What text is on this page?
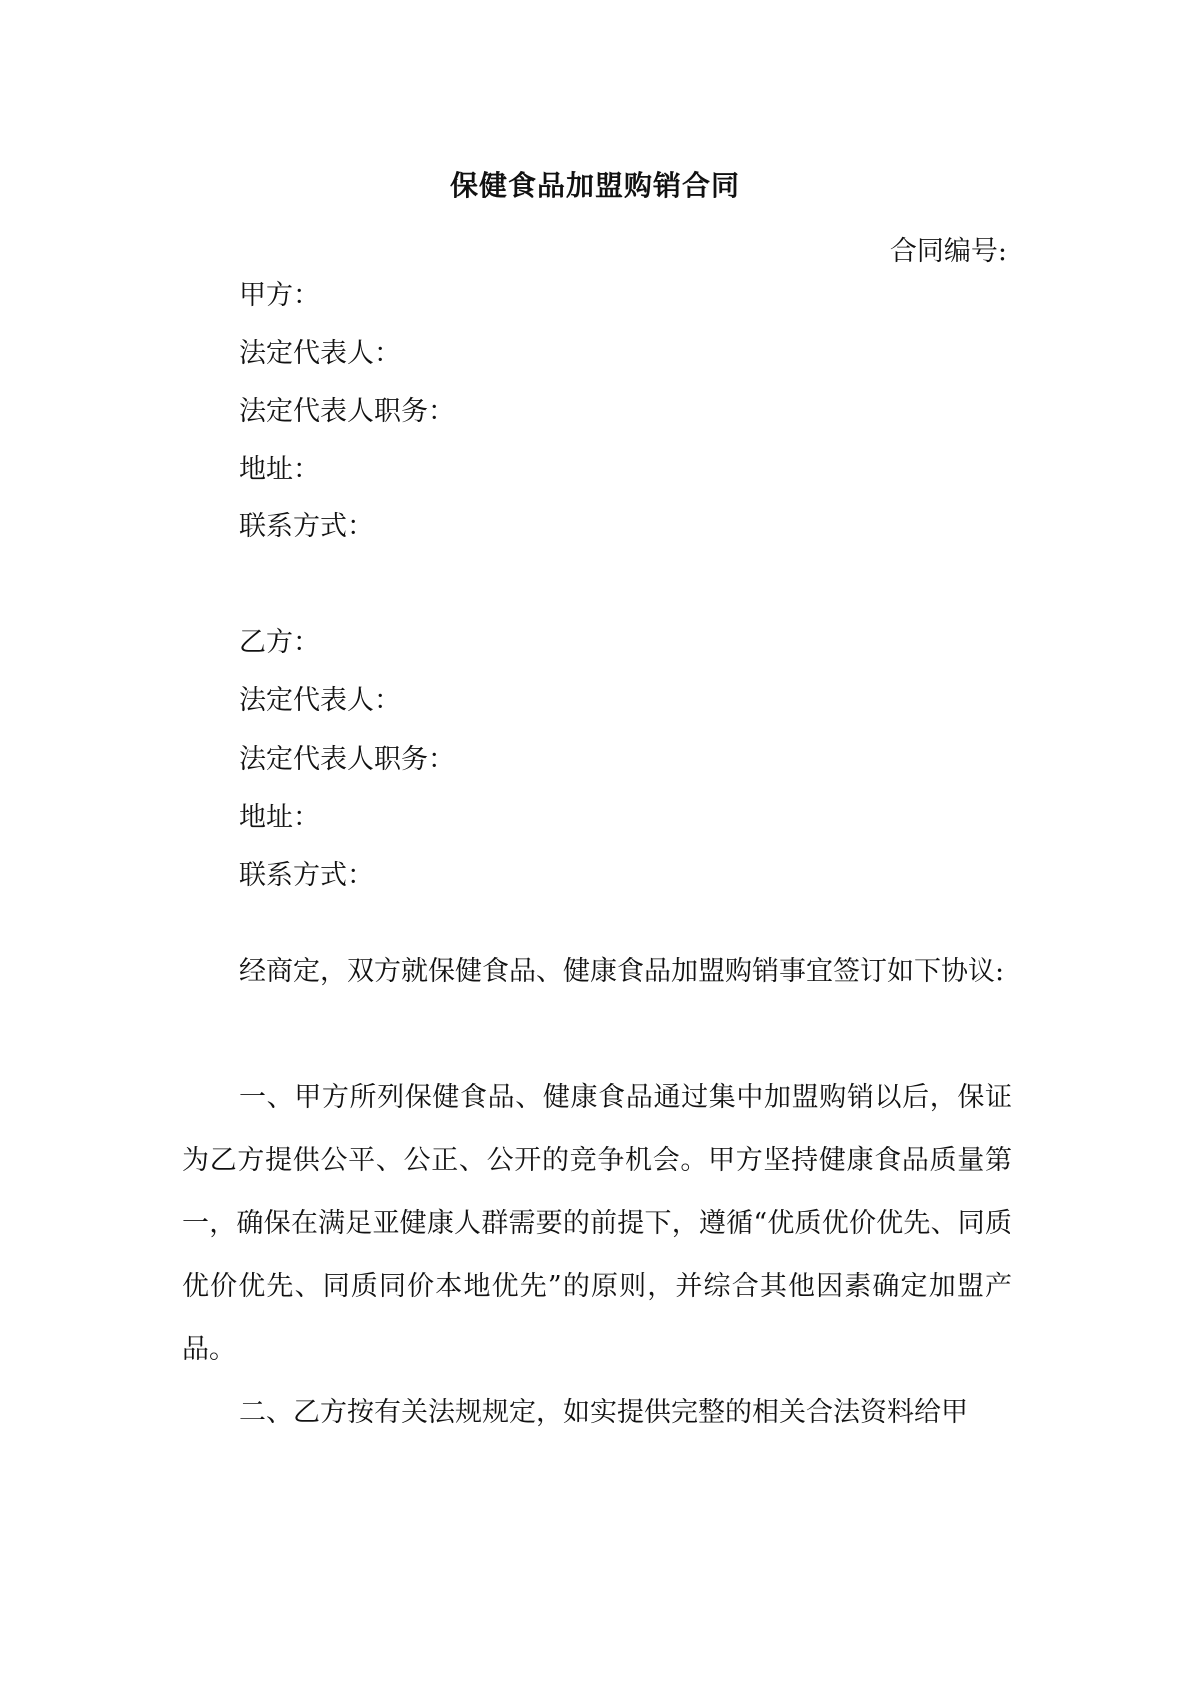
保健食品加盟购销合同
合同编号:
甲方：
法定代表人：
法定代表人职务：
地址：
联系方式：
乙方：
法定代表人：
法定代表人职务：
地址：
联系方式：
经商定，双方就保健食品、健康食品加盟购销事宜签订如下协议:
一、甲方所列保健食品、健康食品通过集中加盟购销以后，保证为乙方提供公平、公正、公开的竞争机会。甲方坚持健康食品质量第一，确保在满足亚健康人群需要的前提下，遵循“优质优价优先、同质优价优先、同质同价本地优先”的原则，并综合其他因素确定加盟产品。
二、乙方按有关法规规定，如实提供完整的相关合法资料给甲
